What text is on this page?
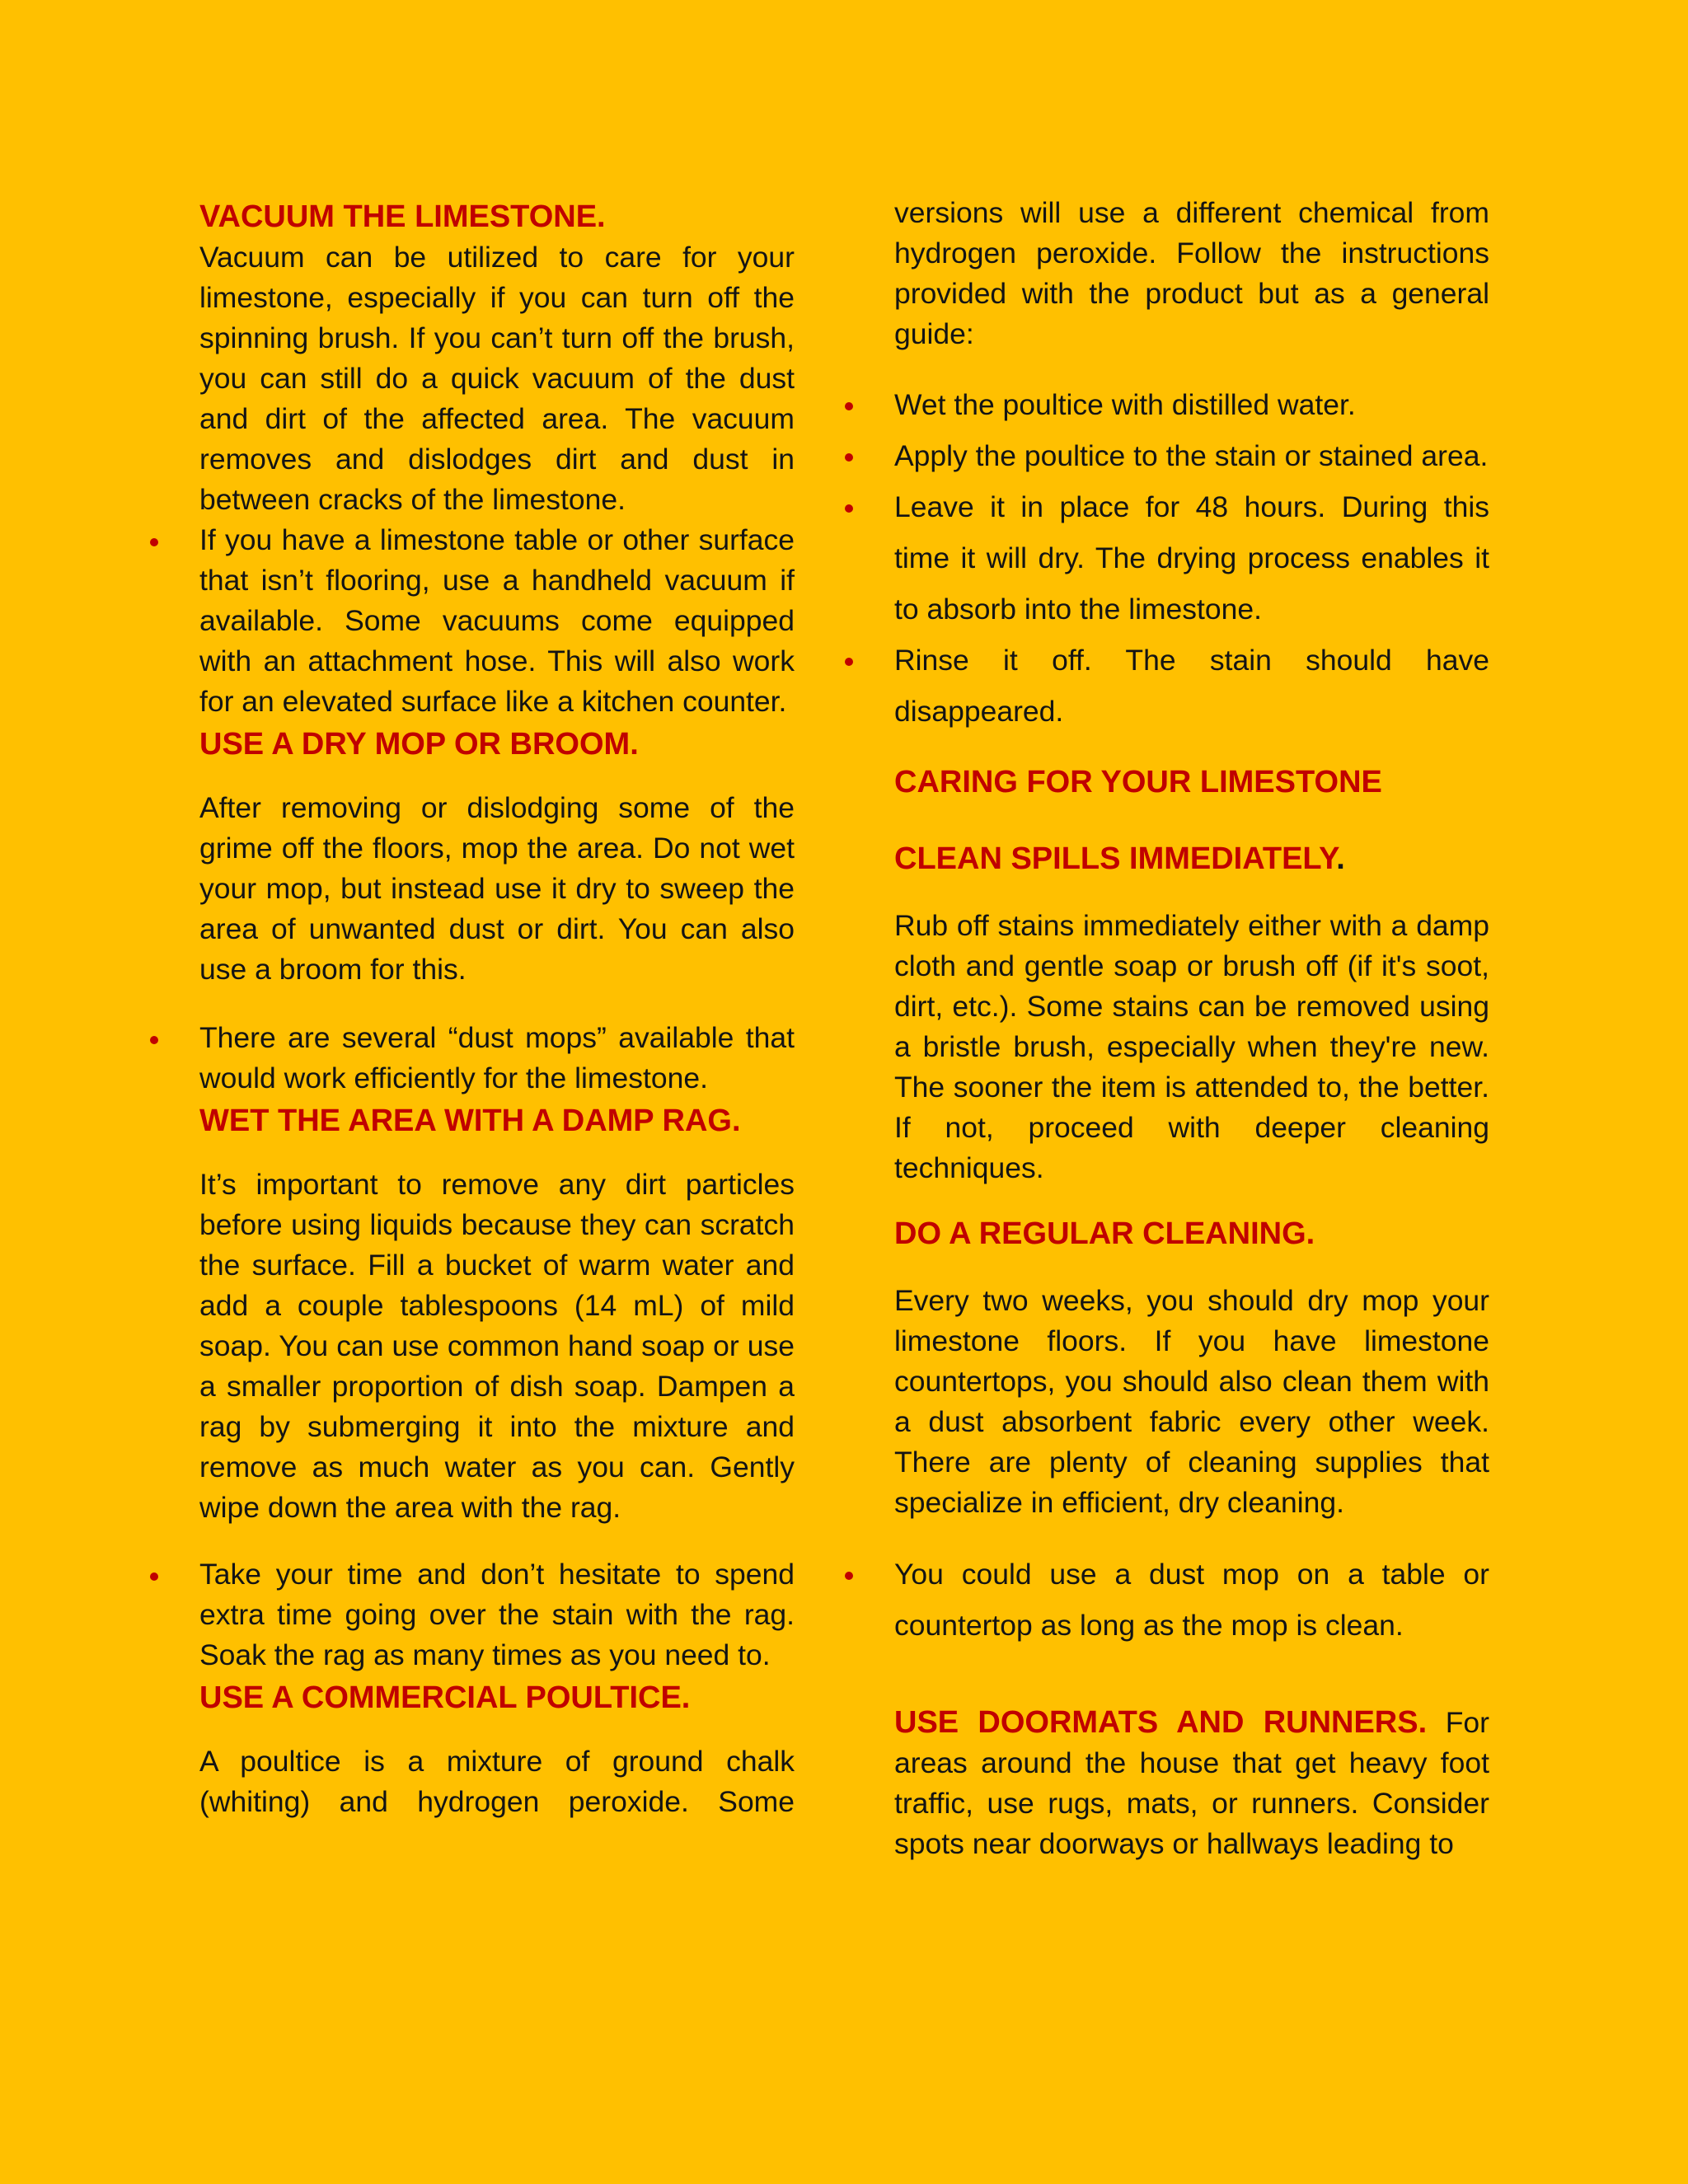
VACUUM THE LIMESTONE.

Vacuum can be utilized to care for your limestone, especially if you can turn off the spinning brush. If you can’t turn off the brush, you can still do a quick vacuum of the dust and dirt of the affected area. The vacuum removes and dislodges dirt and dust in between cracks of the limestone.

If you have a limestone table or other surface that isn’t flooring, use a handheld vacuum if available. Some vacuums come equipped with an attachment hose. This will also work for an elevated surface like a kitchen counter.

USE A DRY MOP OR BROOM.

After removing or dislodging some of the grime off the floors, mop the area. Do not wet your mop, but instead use it dry to sweep the area of unwanted dust or dirt. You can also use a broom for this.

There are several “dust mops” available that would work efficiently for the limestone.

WET THE AREA WITH A DAMP RAG.

It’s important to remove any dirt particles before using liquids because they can scratch the surface. Fill a bucket of warm water and add a couple tablespoons (14 mL) of mild soap. You can use common hand soap or use a smaller proportion of dish soap. Dampen a rag by submerging it into the mixture and remove as much water as you can. Gently wipe down the area with the rag.

Take your time and don’t hesitate to spend extra time going over the stain with the rag. Soak the rag as many times as you need to.

USE A COMMERCIAL POULTICE.

A poultice is a mixture of ground chalk (whiting) and hydrogen peroxide. Some

versions will use a different chemical from hydrogen peroxide. Follow the instructions provided with the product but as a general guide:

Wet the poultice with distilled water.

Apply the poultice to the stain or stained area.

Leave it in place for 48 hours. During this time it will dry. The drying process enables it to absorb into the limestone.

Rinse it off. The stain should have disappeared.

CARING FOR YOUR LIMESTONE
CLEAN SPILLS IMMEDIATELY.

Rub off stains immediately either with a damp cloth and gentle soap or brush off (if it's soot, dirt, etc.). Some stains can be removed using a bristle brush, especially when they're new. The sooner the item is attended to, the better. If not, proceed with deeper cleaning techniques.

DO A REGULAR CLEANING.

Every two weeks, you should dry mop your limestone floors. If you have limestone countertops, you should also clean them with a dust absorbent fabric every other week. There are plenty of cleaning supplies that specialize in efficient, dry cleaning.

You could use a dust mop on a table or countertop as long as the mop is clean.

USE DOORMATS AND RUNNERS. For areas around the house that get heavy foot traffic, use rugs, mats, or runners. Consider spots near doorways or hallways leading to
